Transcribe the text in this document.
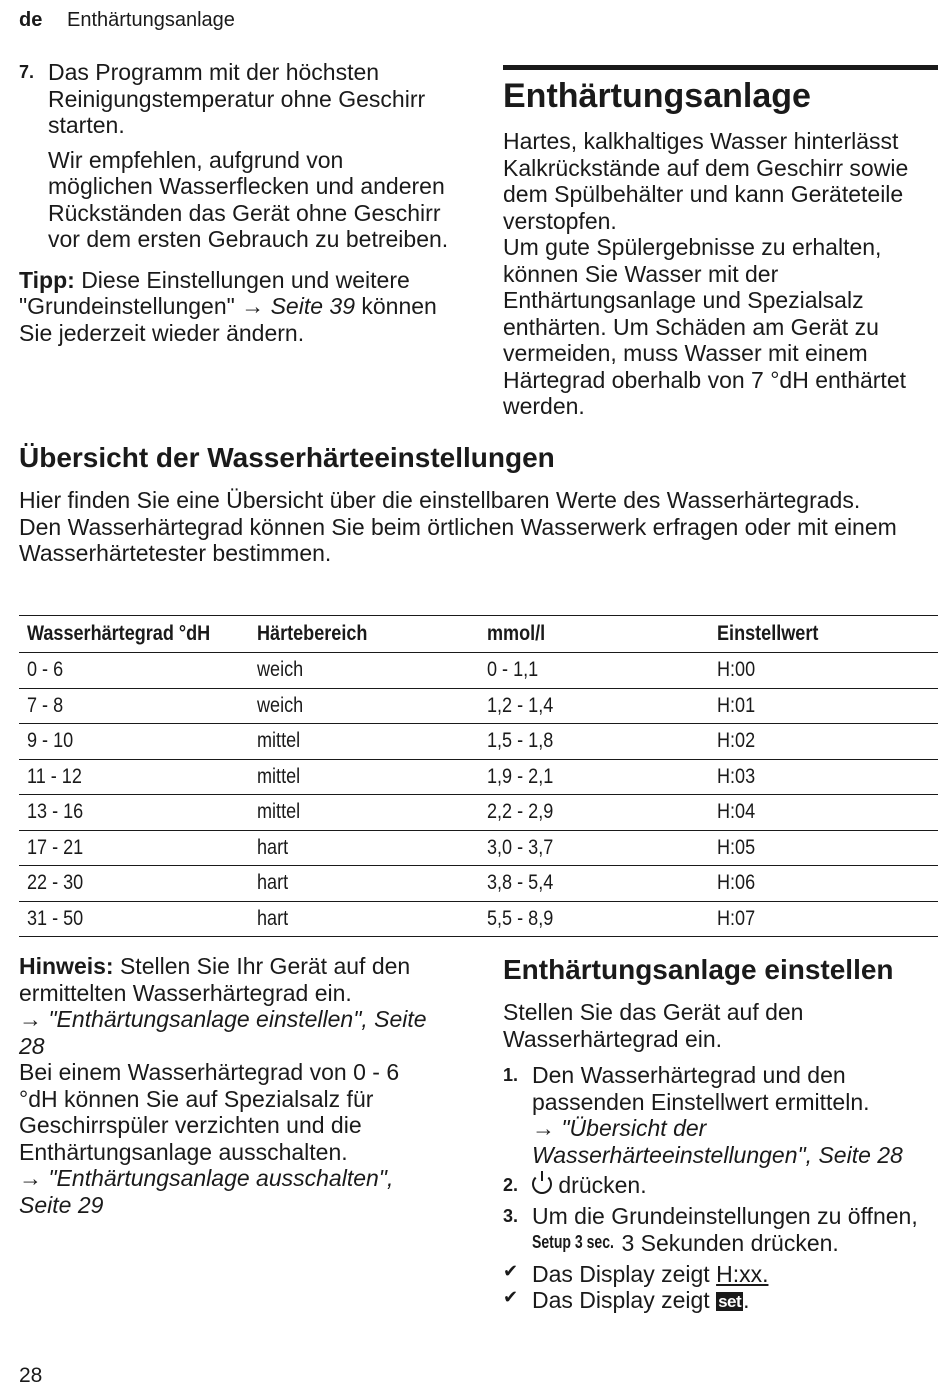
de Enthärtungsanlage
7. Das Programm mit der höchsten Reinigungstemperatur ohne Geschirr starten.

Wir empfehlen, aufgrund von möglichen Wasserflecken und anderen Rückständen das Gerät ohne Geschirr vor dem ersten Gebrauch zu betreiben.

Tipp: Diese Einstellungen und weitere "Grundeinstellungen" → Seite 39 können Sie jederzeit wieder ändern.

Enthärtungsanlage

Hartes, kalkhaltiges Wasser hinterlässt Kalkrückstände auf dem Geschirr sowie dem Spülbehälter und kann Geräteteile verstopfen.

Um gute Spülergebnisse zu erhalten, können Sie Wasser mit der Enthärtungsanlage und Spezialsalz enthärten. Um Schäden am Gerät zu vermeiden, muss Wasser mit einem Härtegrad oberhalb von 7 °dH enthärtet werden.

Übersicht der Wasserhärteeinstellungen

Hier finden Sie eine Übersicht über die einstellbaren Werte des Wasserhärtegrads.

Den Wasserhärtegrad können Sie beim örtlichen Wasserwerk erfragen oder mit einem Wasserhärtetester bestimmen.

Wasserhärtegrad °dH	Härtebereich	mmol/l	Einstellwert
0 - 6	weich	0 - 1,1	H:00
7 - 8	weich	1,2 - 1,4	H:01
9 - 10	mittel	1,5 - 1,8	H:02
11 - 12	mittel	1,9 - 2,1	H:03
13 - 16	mittel	2,2 - 2,9	H:04
17 - 21	hart	3,0 - 3,7	H:05
22 - 30	hart	3,8 - 5,4	H:06
31 - 50	hart	5,5 - 8,9	H:07

Hinweis: Stellen Sie Ihr Gerät auf den ermittelten Wasserhärtegrad ein.
→ "Enthärtungsanlage einstellen", Seite 28
Bei einem Wasserhärtegrad von 0 - 6 °dH können Sie auf Spezialsalz für Geschirrspüler verzichten und die Enthärtungsanlage ausschalten.
→ "Enthärtungsanlage ausschalten", Seite 29

Enthärtungsanlage einstellen

Stellen Sie das Gerät auf den Wasserhärtegrad ein.

1. Den Wasserhärtegrad und den passenden Einstellwert ermitteln.
→ "Übersicht der Wasserhärteeinstellungen", Seite 28

2.	drücken.

3. Um die Grundeinstellungen zu öffnen, Setup 3 sec. 3 Sekunden drücken.

✔ Das Display zeigt H:xx.

✔ Das Display zeigt set.

28
